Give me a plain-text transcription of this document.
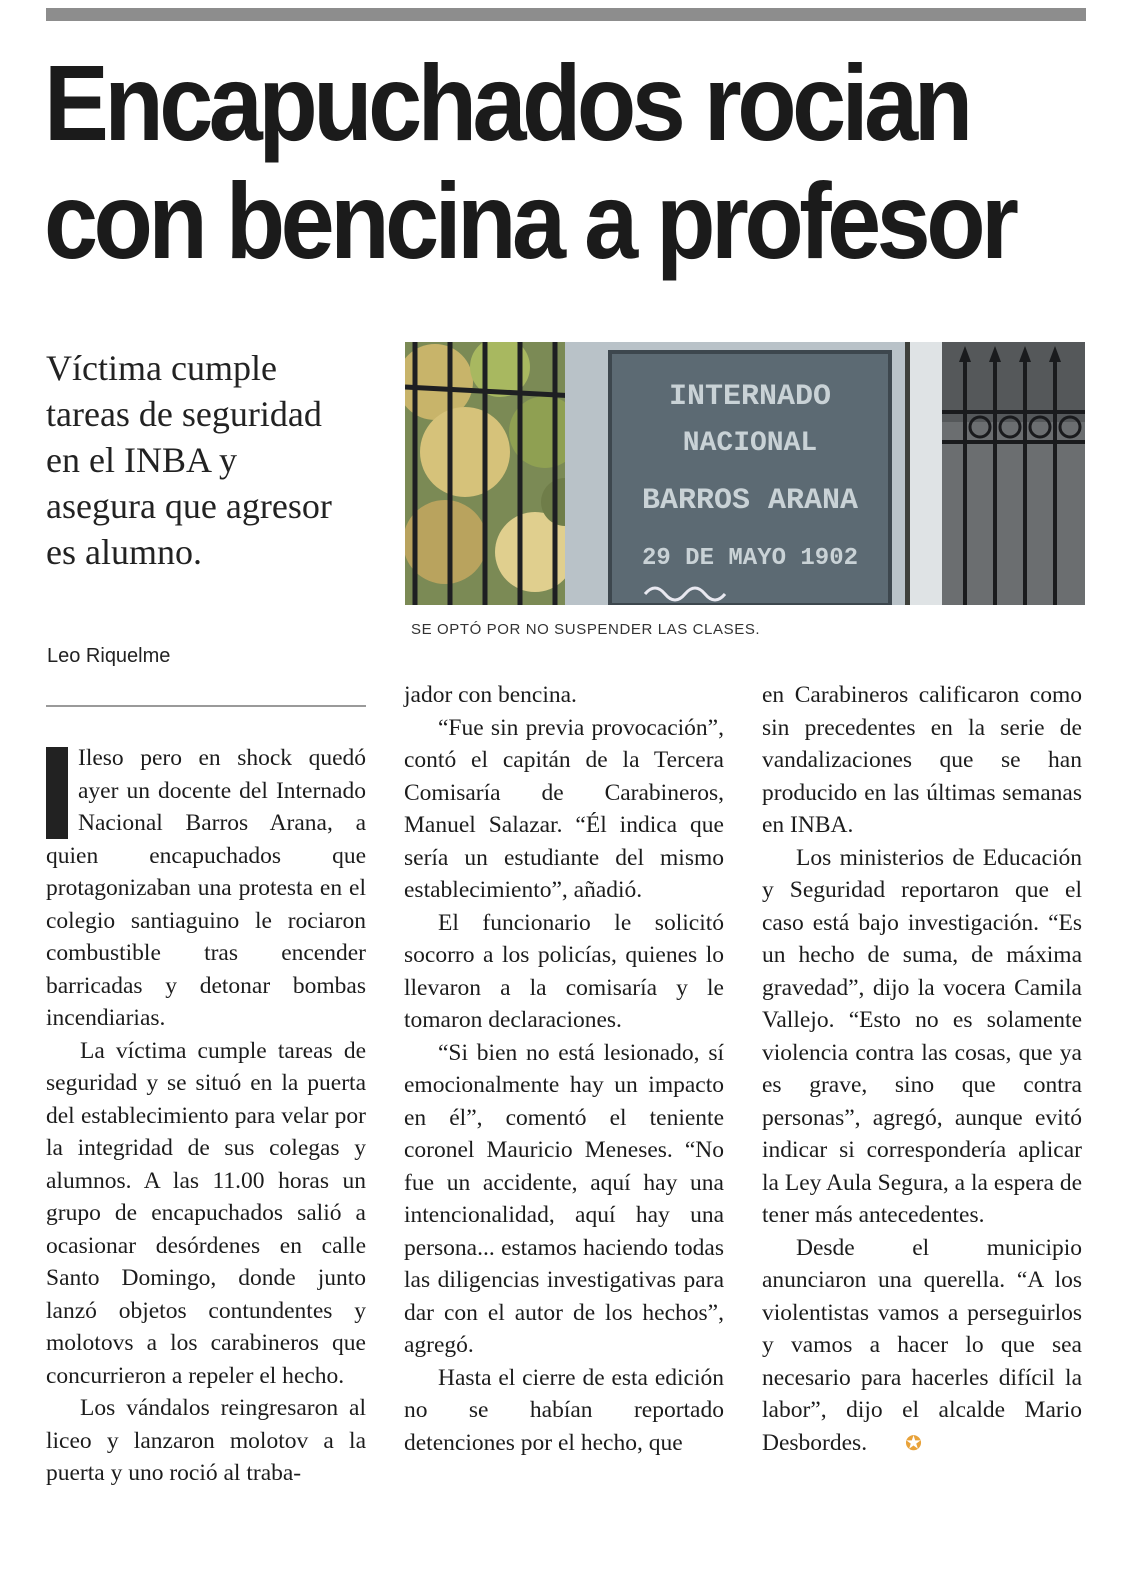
Encapuchados rocian
con bencina a profesor

Víctima cumple tareas de seguridad en el INBA y asegura que agresor es alumno.

Leo Riquelme
INTERNADO
NACIONAL
BARROS ARANA
29 DE MAYO 1902
SE OPTÓ POR NO SUSPENDER LAS CLASES.

Ileso pero en shock quedó ayer un docente del Internado Nacional Barros Arana, a quien encapuchados que protagonizaban una protesta en el colegio santiaguino le rociaron combustible tras encender barricadas y detonar bombas incendiarias.

La víctima cumple tareas de seguridad y se situó en la puerta del establecimiento para velar por la integridad de sus colegas y alumnos. A las 11.00 horas un grupo de encapuchados salió a ocasionar desórdenes en calle Santo Domingo, donde junto lanzó objetos contundentes y molotovs a los carabineros que concurrieron a repeler el hecho.

Los vándalos reingresaron al liceo y lanzaron molotov a la puerta y uno roció al traba-

jador con bencina.

“Fue sin previa provocación”, contó el capitán de la Tercera Comisaría de Carabineros, Manuel Salazar. “Él indica que sería un estudiante del mismo establecimiento”, añadió.

El funcionario le solicitó socorro a los policías, quienes lo llevaron a la comisaría y le tomaron declaraciones.

“Si bien no está lesionado, sí emocionalmente hay un impacto en él”, comentó el teniente coronel Mauricio Meneses. “No fue un accidente, aquí hay una intencionalidad, aquí hay una persona... estamos haciendo todas las diligencias investigativas para dar con el autor de los hechos”, agregó.

Hasta el cierre de esta edición no se habían reportado detenciones por el hecho, que

en Carabineros calificaron como sin precedentes en la serie de vandalizaciones que se han producido en las últimas semanas en INBA.

Los ministerios de Educación y Seguridad reportaron que el caso está bajo investigación. “Es un hecho de suma, de máxima gravedad”, dijo la vocera Camila Vallejo. “Esto no es solamente violencia contra las cosas, que ya es grave, sino que contra personas”, agregó, aunque evitó indicar si correspondería aplicar la Ley Aula Segura, a la espera de tener más antecedentes.

Desde el municipio anunciaron una querella. “A los violentistas vamos a perseguirlos y vamos a hacer lo que sea necesario para hacerles difícil la labor”, dijo el alcalde Mario Desbordes. ✪
